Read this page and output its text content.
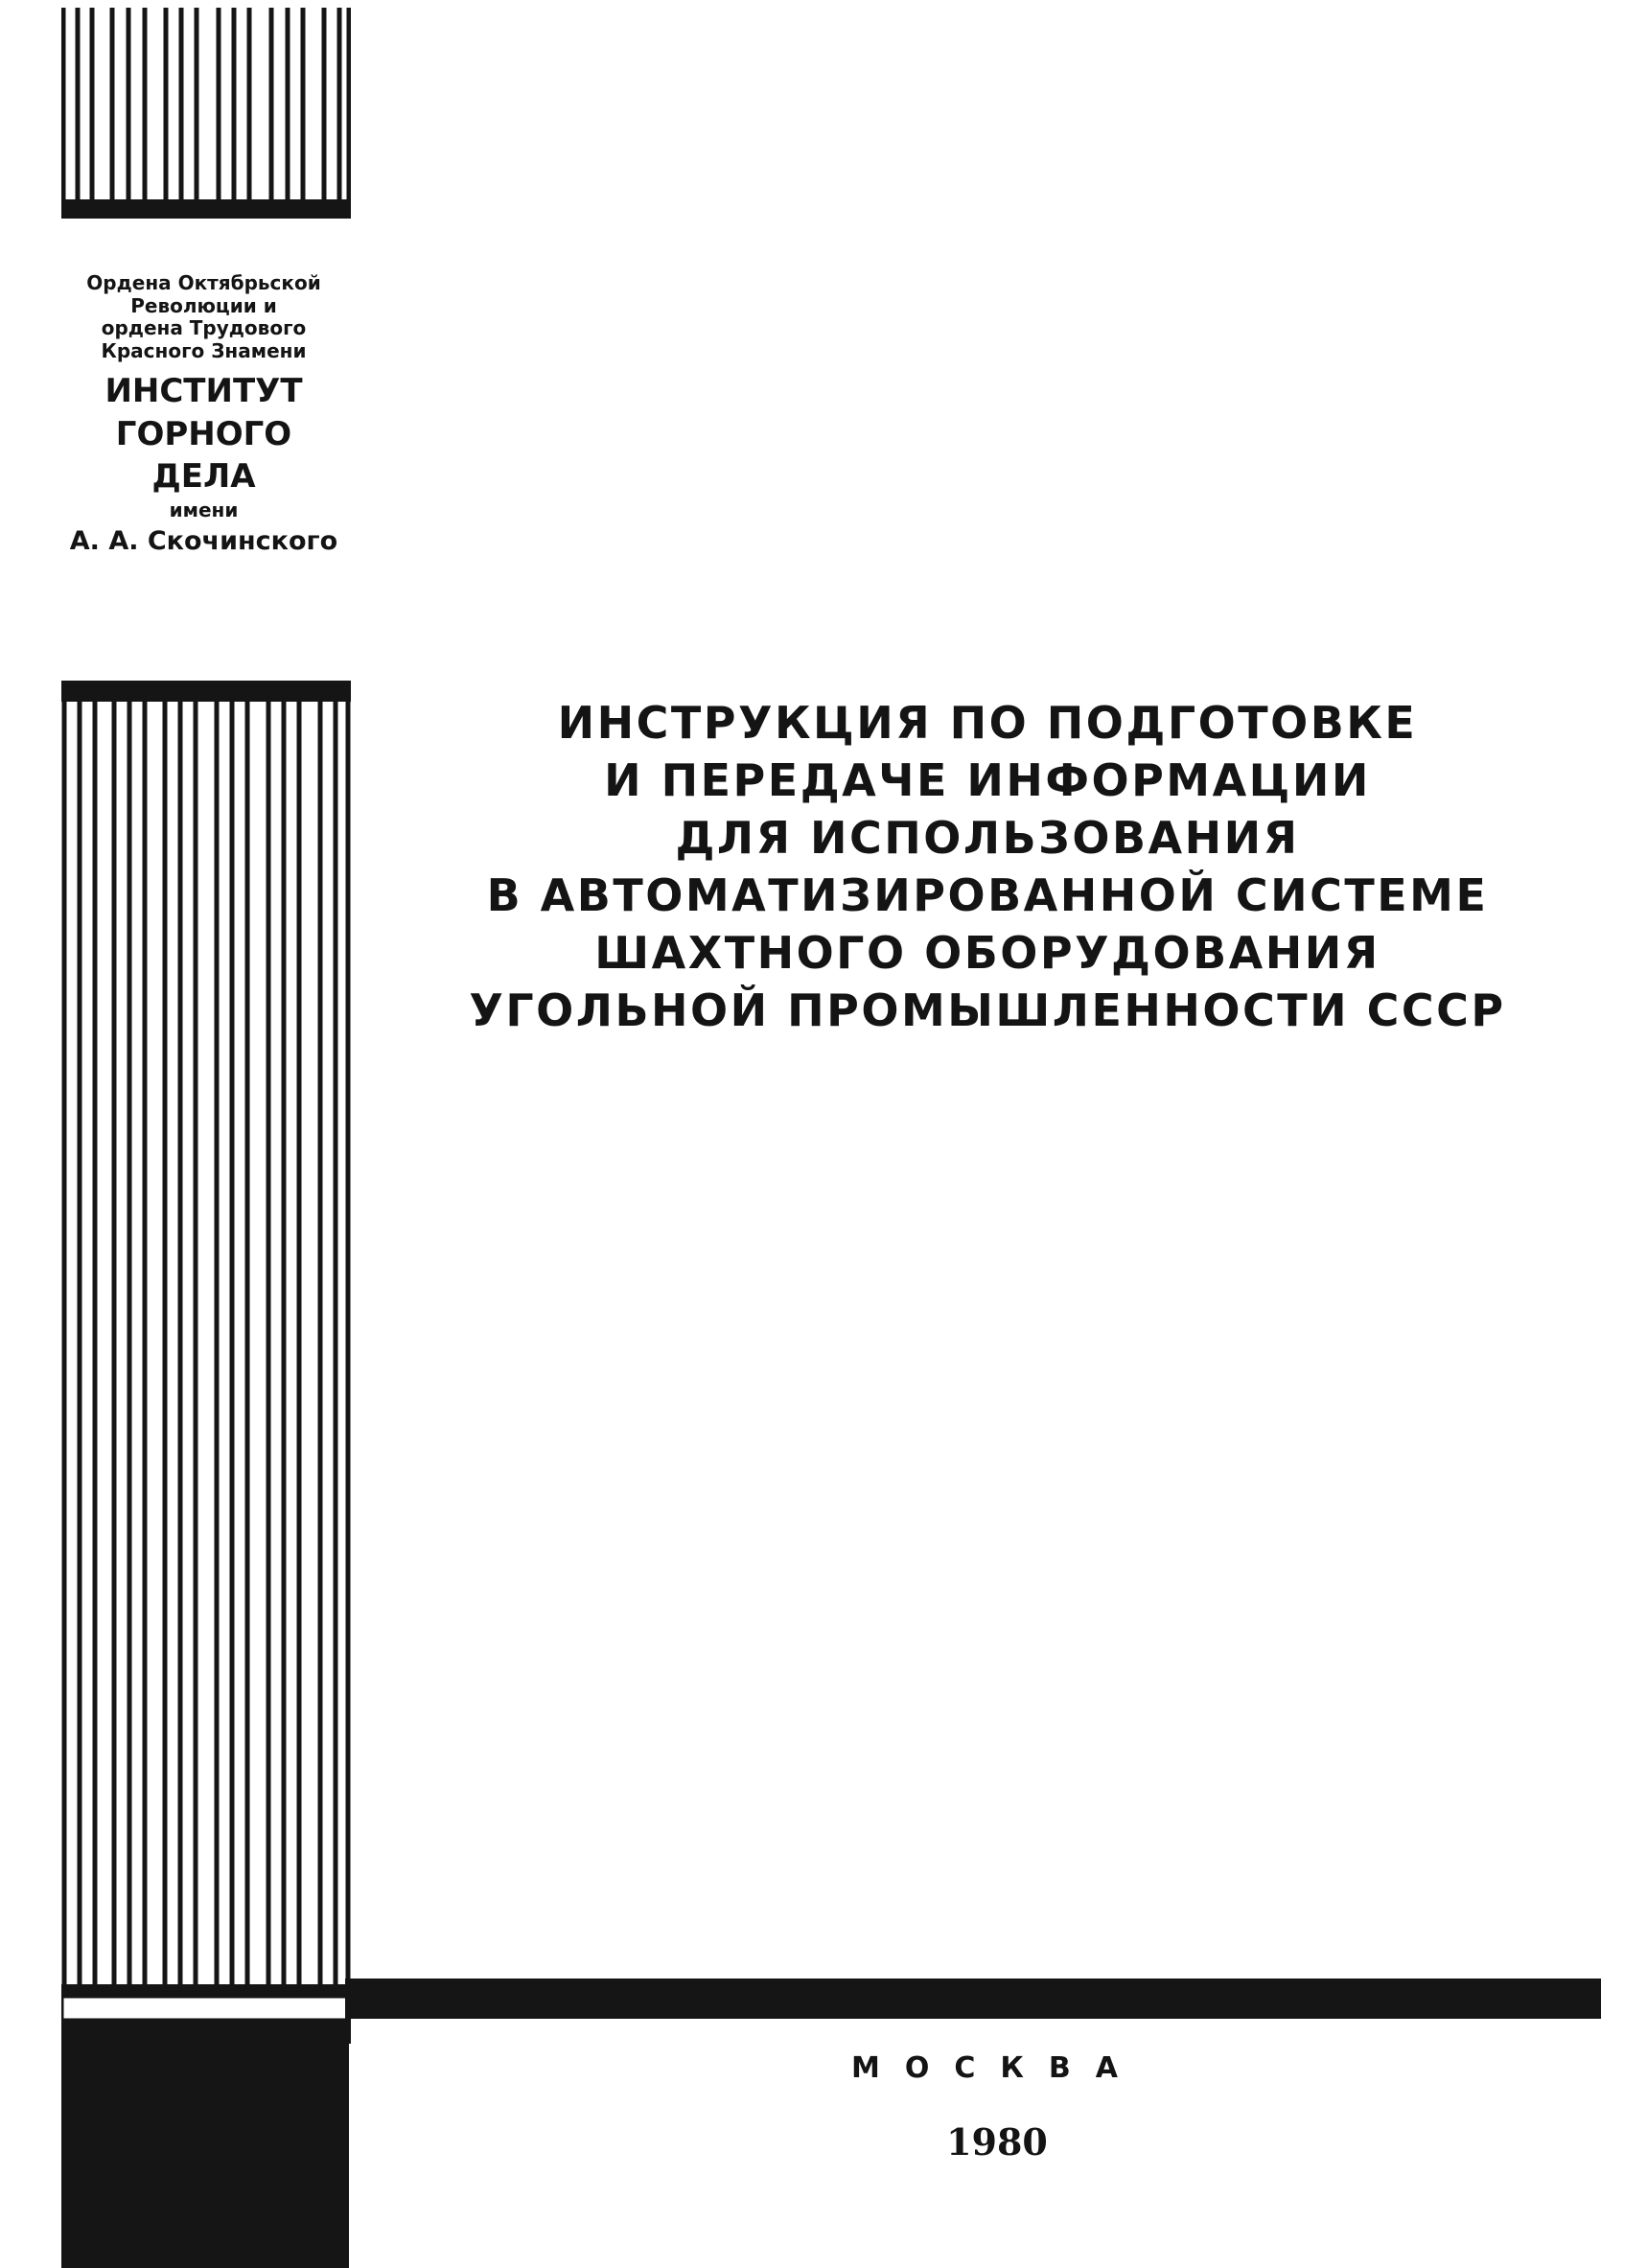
Ордена Октябрьской
Революции и
ордена Трудового
Красного Знамени
ИНСТИТУТ
ГОРНОГО
ДЕЛА
имени
А. А. Скочинского
ИНСТРУКЦИЯ ПО ПОДГОТОВКЕ
И ПЕРЕДАЧЕ ИНФОРМАЦИИ
ДЛЯ ИСПОЛЬЗОВАНИЯ
В АВТОМАТИЗИРОВАННОЙ СИСТЕМЕ
ШАХТНОГО ОБОРУДОВАНИЯ
УГОЛЬНОЙ ПРОМЫШЛЕННОСТИ СССР
МОСКВА
1980
